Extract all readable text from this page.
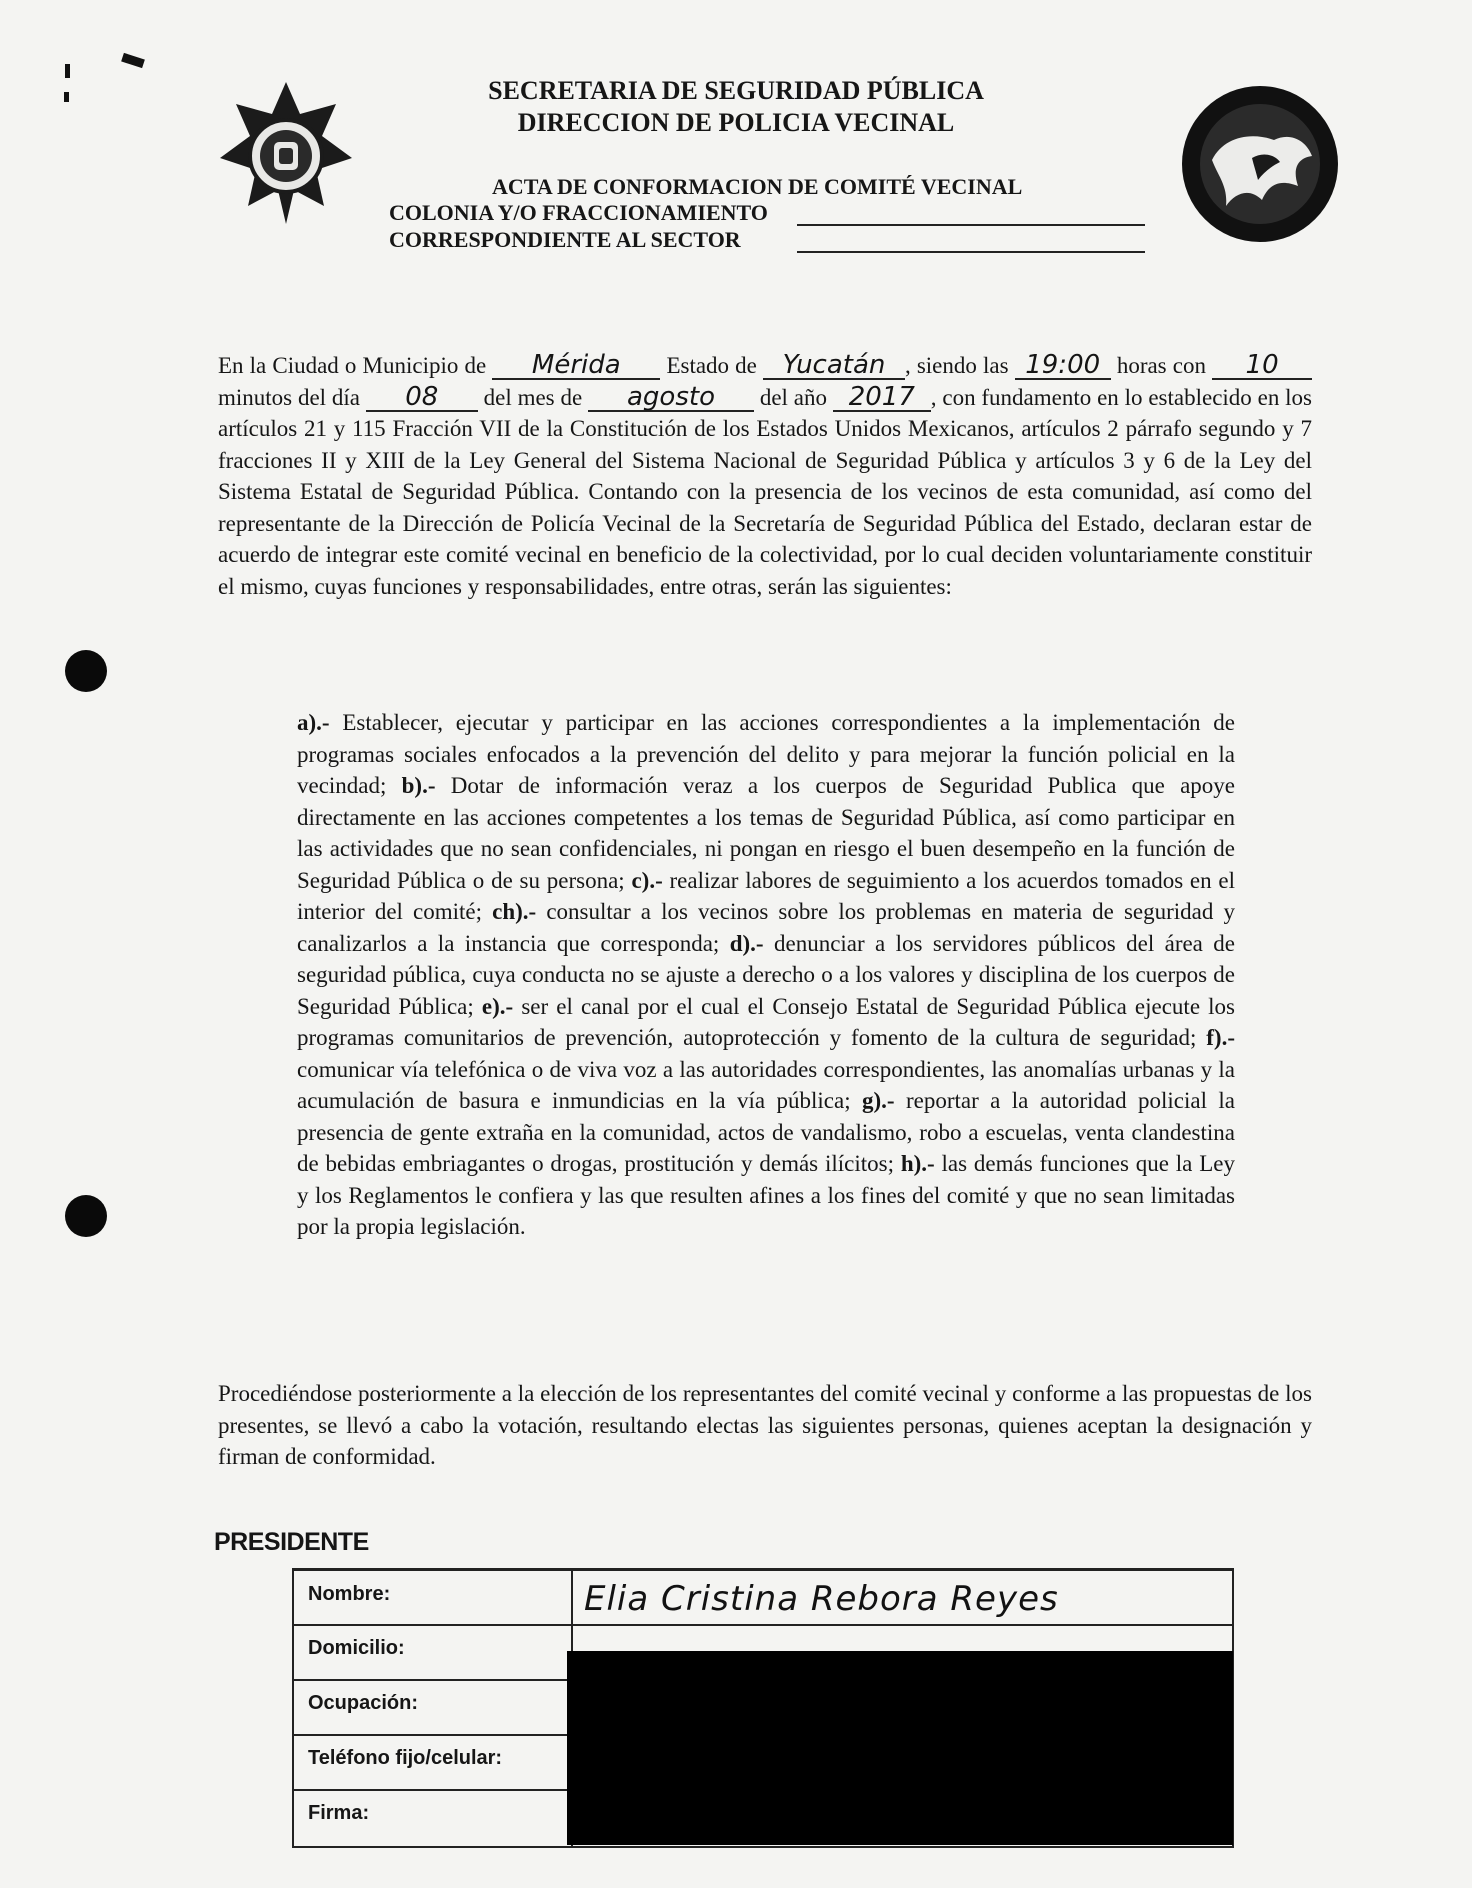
SECRETARIA DE SEGURIDAD PÚBLICA
DIRECCION DE POLICIA VECINAL
ACTA DE CONFORMACION DE COMITÉ VECINAL
COLONIA Y/O FRACCIONAMIENTO
CORRESPONDIENTE AL SECTOR
En la Ciudad o Municipio de Mérida Estado de Yucatán , siendo las 19:00 horas con 10 minutos del día 08 del mes de agosto del año 2017 , con fundamento en lo establecido en los artículos 21 y 115 Fracción VII de la Constitución de los Estados Unidos Mexicanos, artículos 2 párrafo segundo y 7 fracciones II y XIII de la Ley General del Sistema Nacional de Seguridad Pública y artículos 3 y 6 de la Ley del Sistema Estatal de Seguridad Pública. Contando con la presencia de los vecinos de esta comunidad, así como del representante de la Dirección de Policía Vecinal de la Secretaría de Seguridad Pública del Estado, declaran estar de acuerdo de integrar este comité vecinal en beneficio de la colectividad, por lo cual deciden voluntariamente constituir el mismo, cuyas funciones y responsabilidades, entre otras, serán las siguientes:
a).- Establecer, ejecutar y participar en las acciones correspondientes a la implementación de programas sociales enfocados a la prevención del delito y para mejorar la función policial en la vecindad; b).- Dotar de información veraz a los cuerpos de Seguridad Publica que apoye directamente en las acciones competentes a los temas de Seguridad Pública, así como participar en las actividades que no sean confidenciales, ni pongan en riesgo el buen desempeño en la función de Seguridad Pública o de su persona; c).- realizar labores de seguimiento a los acuerdos tomados en el interior del comité; ch).- consultar a los vecinos sobre los problemas en materia de seguridad y canalizarlos a la instancia que corresponda; d).- denunciar a los servidores públicos del área de seguridad pública, cuya conducta no se ajuste a derecho o a los valores y disciplina de los cuerpos de Seguridad Pública; e).- ser el canal por el cual el Consejo Estatal de Seguridad Pública ejecute los programas comunitarios de prevención, autoprotección y fomento de la cultura de seguridad; f).- comunicar vía telefónica o de viva voz a las autoridades correspondientes, las anomalías urbanas y la acumulación de basura e inmundicias en la vía pública; g).- reportar a la autoridad policial la presencia de gente extraña en la comunidad, actos de vandalismo, robo a escuelas, venta clandestina de bebidas embriagantes o drogas, prostitución y demás ilícitos; h).- las demás funciones que la Ley y los Reglamentos le confiera y las que resulten afines a los fines del comité y que no sean limitadas por la propia legislación.
Procediéndose posteriormente a la elección de los representantes del comité vecinal y conforme a las propuestas de los presentes, se llevó a cabo la votación, resultando electas las siguientes personas, quienes aceptan la designación y firman de conformidad.
PRESIDENTE
Nombre:
Domicilio:
Ocupación:
Teléfono fijo/celular:
Firma:
Elia Cristina Rebora Reyes
